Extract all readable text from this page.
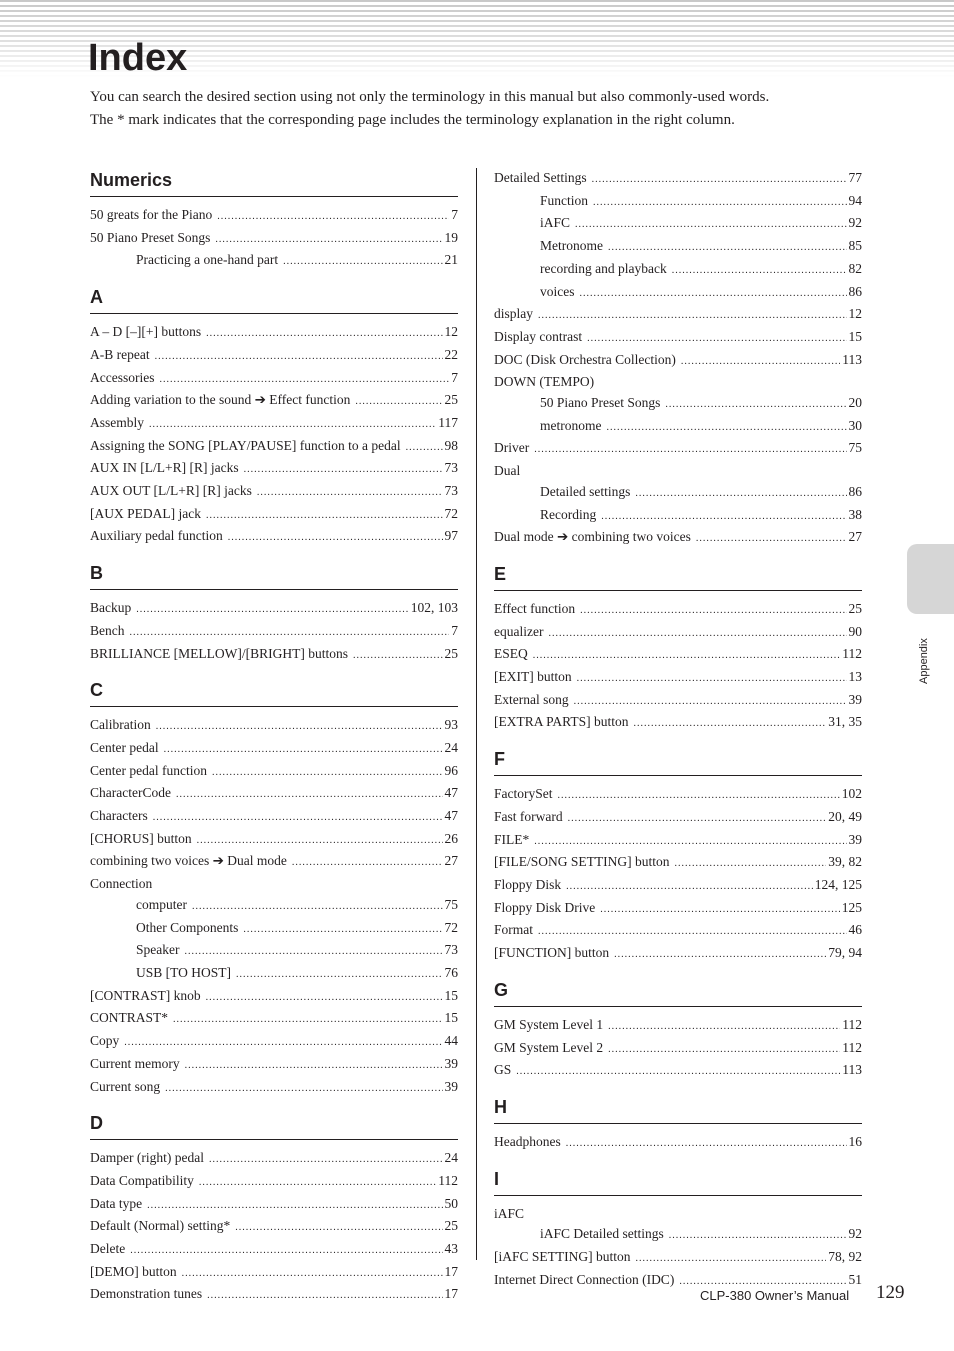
Index

You can search the desired section using not only the terminology in this manual but also commonly-used words.

The * mark indicates that the corresponding page includes the terminology explanation in the right column.

Numerics
50 greats for the Piano .....	7
50 Piano Preset Songs .....	19
Practicing a one-hand part .....	21
A
A – D [–][+] buttons .....	12
A-B repeat .....	22
Accessories .....	7
Adding variation to the sound ➔ Effect function .....	25
Assembly .....	117
Assigning the SONG [PLAY/PAUSE] function to a pedal .....	98
AUX IN [L/L+R] [R] jacks .....	73
AUX OUT [L/L+R] [R] jacks .....	73
[AUX PEDAL] jack .....	72
Auxiliary pedal function .....	97
B
Backup .....	102, 103
Bench .....	7
BRILLIANCE [MELLOW]/[BRIGHT] buttons .....	25
C
Calibration .....	93
Center pedal .....	24
Center pedal function .....	96
CharacterCode .....	47
Characters .....	47
[CHORUS] button .....	26
combining two voices ➔ Dual mode .....	27
Connection
computer .....	75
Other Components .....	72
Speaker .....	73
USB [TO HOST] .....	76
[CONTRAST] knob .....	15
CONTRAST* .....	15
Copy .....	44
Current memory .....	39
Current song .....	39
D
Damper (right) pedal .....	24
Data Compatibility .....	112
Data type .....	50
Default (Normal) setting* .....	25
Delete .....	43
[DEMO] button .....	17
Demonstration tunes .....	17
Detailed Settings .....	77
Function .....	94
iAFC .....	92
Metronome .....	85
recording and playback .....	82
voices .....	86
display .....	12
Display contrast .....	15
DOC (Disk Orchestra Collection) .....	113
DOWN (TEMPO)
50 Piano Preset Songs .....	20
metronome .....	30
Driver .....	75
Dual
Detailed settings .....	86
Recording .....	38
Dual mode ➔ combining two voices .....	27
E
Effect function .....	25
equalizer .....	90
ESEQ .....	112
[EXIT] button .....	13
External song .....	39
[EXTRA PARTS] button .....	31, 35
F
FactorySet .....	102
Fast forward .....	20, 49
FILE* .....	39
[FILE/SONG SETTING] button .....	39, 82
Floppy Disk .....	124, 125
Floppy Disk Drive .....	125
Format .....	46
[FUNCTION] button .....	79, 94
G
GM System Level 1 .....	112
GM System Level 2 .....	112
GS .....	113
H
Headphones .....	16
I
iAFC
iAFC Detailed settings .....	92
[iAFC SETTING] button .....	78, 92
Internet Direct Connection (IDC) .....	51
Appendix
CLP-380 Owner’s Manual 129
